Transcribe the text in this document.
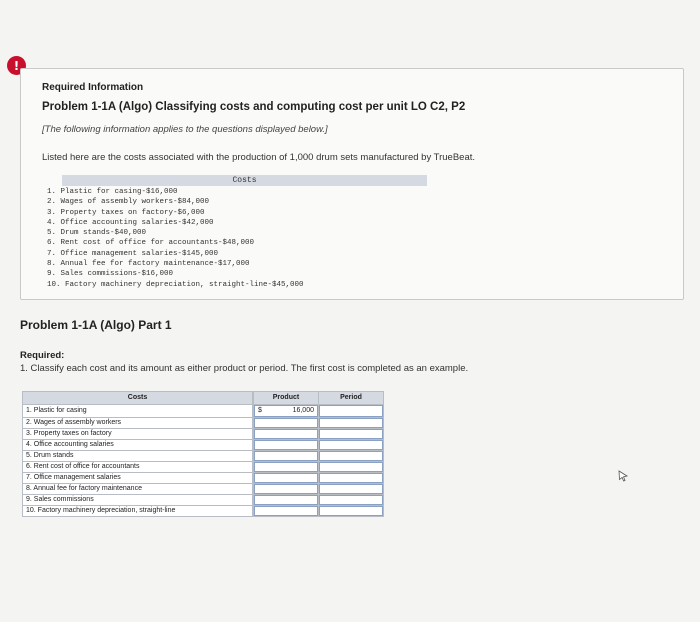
!
Required Information
Problem 1-1A (Algo) Classifying costs and computing cost per unit LO C2, P2
[The following information applies to the questions displayed below.]
Listed here are the costs associated with the production of 1,000 drum sets manufactured by TrueBeat.
Costs
1. Plastic for casing-$16,000
2. Wages of assembly workers-$84,000
3. Property taxes on factory-$6,000
4. Office accounting salaries-$42,000
5. Drum stands-$40,000
6. Rent cost of office for accountants-$48,000
7. Office management salaries-$145,000
8. Annual fee for factory maintenance-$17,000
9. Sales commissions-$16,000
10. Factory machinery depreciation, straight-line-$45,000
Problem 1-1A (Algo) Part 1
Required:
1. Classify each cost and its amount as either product or period. The first cost is completed as an example.
Costs		Product	Period
1. Plastic for casing		$ 16,000	

2. Wages of assembly workers		

3. Property taxes on factory		

4. Office accounting salaries		

5. Drum stands		

6. Rent cost of office for accountants		

7. Office management salaries		

8. Annual fee for factory maintenance		

9. Sales commissions		

10. Factory machinery depreciation, straight-line		
